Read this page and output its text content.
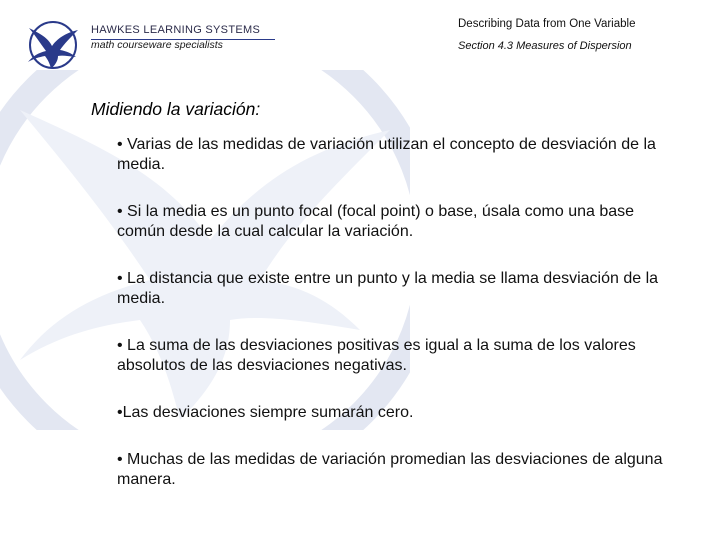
HAWKES LEARNING SYSTEMS
math courseware specialists
Describing Data from One Variable
Section 4.3 Measures of Dispersion
Midiendo la variación:

• Varias de las medidas de variación utilizan el concepto de desviación de la media.

• Si la media es un punto focal (focal point) o base, úsala como una base común desde la cual calcular la variación.

• La distancia que existe entre un punto y la media se llama desviación de la media.

• La suma de las desviaciones positivas es igual a la suma de los valores absolutos de las desviaciones negativas.

•Las desviaciones siempre sumarán cero.

• Muchas de las medidas de variación promedian las desviaciones de alguna manera.
